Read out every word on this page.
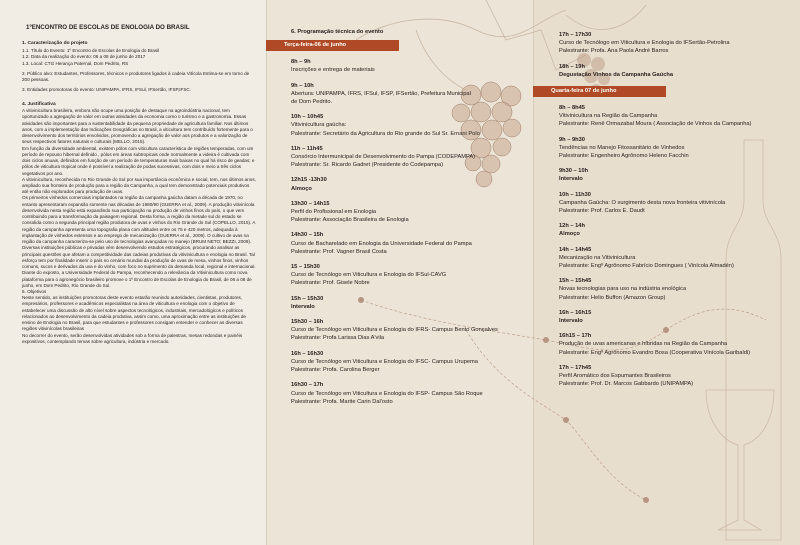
1ºENCONTRO DE ESCOLAS DE ENOLOGIA DO BRASIL
1. Caracterização do projeto

1.1. Título do Evento: 1º Encontro de Escolas de Enologia do Brasil

1.2. Data da realização do evento: 06 a 08 de junho de 2017

1.3. Local: CTG Herança Paternal, Dom Pedrito, RS

2. Público alvo: Estudantes, Professores, técnicos e produtores ligados à cadeia Vitícola Estima-se em torno de 200 pessoas.

3. Entidades promotoras do evento: UNIPAMPA, IFRS, IFSul, IFSertão, IFSP,IFSC.

4. Justificativa

A vitivinicultura brasileira, embora não ocupe uma posição de destaque na agroindústria nacional, tem oportunizado a agregação de valor em outras atividades da economia como o turismo e a gastronomia. Essas atividades são importantes para a sustentabilidade da pequena propriedade de agricultura familiar. Nos últimos anos, com a implementação das Indicações Geográficas no Brasil, a viticultura tem contribuído fortemente para o desenvolvimento dos territórios envolvidos, promovendo a agregação de valor aos produtos e a valorização de seus respectivos fatores naturais e culturais (MELLO, 2015).

Em função da diversidade ambiental, existem pólos com viticultura característica de regiões temperadas, com um período de repouso hibernal definido , pólos em áreas subtropicais onde normalmente a videira é cultivada com dois ciclos anuais, definidos em função de um período de temperaturas mais baixas no qual há risco de geadas; e pólos de viticultura tropical onde é possível a realização de podas sucessivas, com dois e meio a três ciclos vegetativos por ano.

A vitivinicultura, reconhecida no Rio Grande do Sul por sua importância econômica e social, tem, nos últimos anos, ampliado sua fronteira de produção para a região da Campanha, a qual tem demonstrado potenciais produtivos até então não explorados para produção de uvas.

Os primeiros vinhedos comerciais implantados na região da campanha gaúcha datam a década de 1970, no entanto apresentaram expansão somente nas décadas de 1980/90 (GUERRA et al., 2009). A produção vitivinícola desenvolvida nesta região está expandindo sua participação na produção de vinhos finos do país, o que vem contribuindo para a transformação da paisagem regional. Desta forma, a região da metade sul do estado se consolida como a segunda principal região produtora de uvas e vinhos do Rio Grande do Sul (COPELLO, 2015). A região da campanha apresenta uma topografia plana com altitudes entre os 75 e 420 metros, adequada à implantação de vinhedos extensos e ao emprego de mecanização (GUERRA et al., 2009). O cultivo de uvas na região da campanha caracteriza-se pelo uso de tecnologias avançadas no manejo (BRUM NETO; BEZZI, 2009).

Diversas instituições públicas e privadas vêm desenvolvendo estudos estratégicos, procurando analisar as principais questões que afetam a competitividade das cadeias produtivas da vitivinicultura e enologia no Brasil. Tal esforço tem por finalidade inserir o país no cenário mundial da produção de uvas de mesa, vinhos finos, vinhos comuns, sucos e derivados da uva e do vinho, com foco no suprimento da demanda local, regional e internacional.

Diante do exposto, a Universidade Federal do Pampa, reconhecendo a relevância da Vitivinicultura como nova plataforma para o agronegócio brasileiro promove o 1º Encontro de Escolas de Enologia do Brasil, de 06 a 08 de junho, em Dom Pedrito, Rio Grande do Sul.

5. Objetivos

Neste sentido, as instituições promotoras deste evento estarão reunindo autoridades, cientistas, produtores, empresários, professores e acadêmicos especialistas na área de viticultura e enologia com o objetivo de estabelecer uma discussão de alto nível sobre aspectos tecnológicos, industriais, mercadológicos e políticos relacionados ao desenvolvimento da cadeia produtiva, assim como, uma aproximação entre as instituições de ensino de Enologia no Brasil, para que estudantes e professores consigam entender e conhecer as diversas regiões vitivinícolas brasileiras

No decorrer do evento, serão desenvolvidas atividades sob a forma de palestras, mesas redondas e painéis expositivos, contemplando temas sobre agricultura, indústria e mercado.

6. Programação técnica do evento
Terça-feira-06 de junho
8h – 9h
Inscrições e entrega de materiais
9h – 10h
Abertura: UNIPAMPA, IFRS, IFSul, IFSP, IFSertão, Prefeitura Municipal
de Dom Pedrito.
10h – 10h45
Vitivinicultura gaúcha:
Palestrante: Secretário da Agricultura do Rio grande do Sul Sr. Ernani Polo
11h – 11h45
Consórcio Intermunicipal de Desenvolvimento do Pampa (CODEPAMPA)
Palestrante: Sr. Ricardo Gadret (Presidente do Codepampa)
12h15 -13h30
Almoço
13h30 – 14h15
Perfil do Profissional em Enologia
Palestrante: Associação Brasileira de Enologia
14h30 – 15h
Curso de Bacharelado em Enologia da Universidade Federal do Pampa
Palestrante: Prof. Vagner Brasil Costa
15 – 15h30
Curso de Tecnólogo em Viticultura e Enologia do IFSul-CAVG
Palestrante: Prof. Gisele Nobre
15h – 15h30
Intervalo
15h30 – 16h
Curso de Tecnólogo em Viticultura e Enologia do IFRS- Campus Bento Gonçalves
Palestrante: Profa Larissa Dias A'vila
16h – 16h30
Curso de Tecnólogo em Viticultura e Enologia do IFSC- Campus Urupema
Palestrante: Profa. Carolina Berger
16h30 – 17h
Curso de Tecnólogo em Viticultura e Enologia do IFSP- Campus São Roque
Palestrante: Profa. Marite Carin Dal'osto
17h – 17h30
Curso de Tecnólogo em Viticultura e Enologia do IFSertão-Petrolina
Palestrante: Profa. Ana Paola André Barros
18h – 19h
Degustação Vinhos da Campanha Gaúcha
Quarta-feira 07 de junho
8h – 8h45
Vitivinicultura na Região da Campanha
Palestrante: Renê Ormazabal Moura ( Associação de Vinhos da Campanha)
9h – 9h30
Tendências no Manejo Fitossanitário de Vinhedos
Palestrante: Engenheiro Agrônomo Heleno Facchin
9h30 – 10h
Intervalo
10h – 11h30
Campanha Gaúcha: O surgimento desta nova fronteira vitivinícola
Palestrante: Prof. Carlos E. Daudt
12h – 14h
Almoço
14h – 14h45
Mecanização na Vitivinicultura
Palestrante: Engº Agrônomo Fabrício Domingues ( Vinícola Almadén)
15h – 15h45
Novas tecnologias para uso na indústria enológica
Palestrante: Helio Buffon (Amazon Group)
16h – 16h15
Intervalo
16h15 – 17h
Produção de uvas americanas e híbridas na Região da Campanha
Palestrante: Engº Agrônomo Evandro Bosa (Cooperativa Vinícola Garibaldi)
17h – 17h45
Perfil Aromático dos Espumantes Brasileiros
Palestrante: Prof. Dr. Marcos Gabbardo (UNIPAMPA)
